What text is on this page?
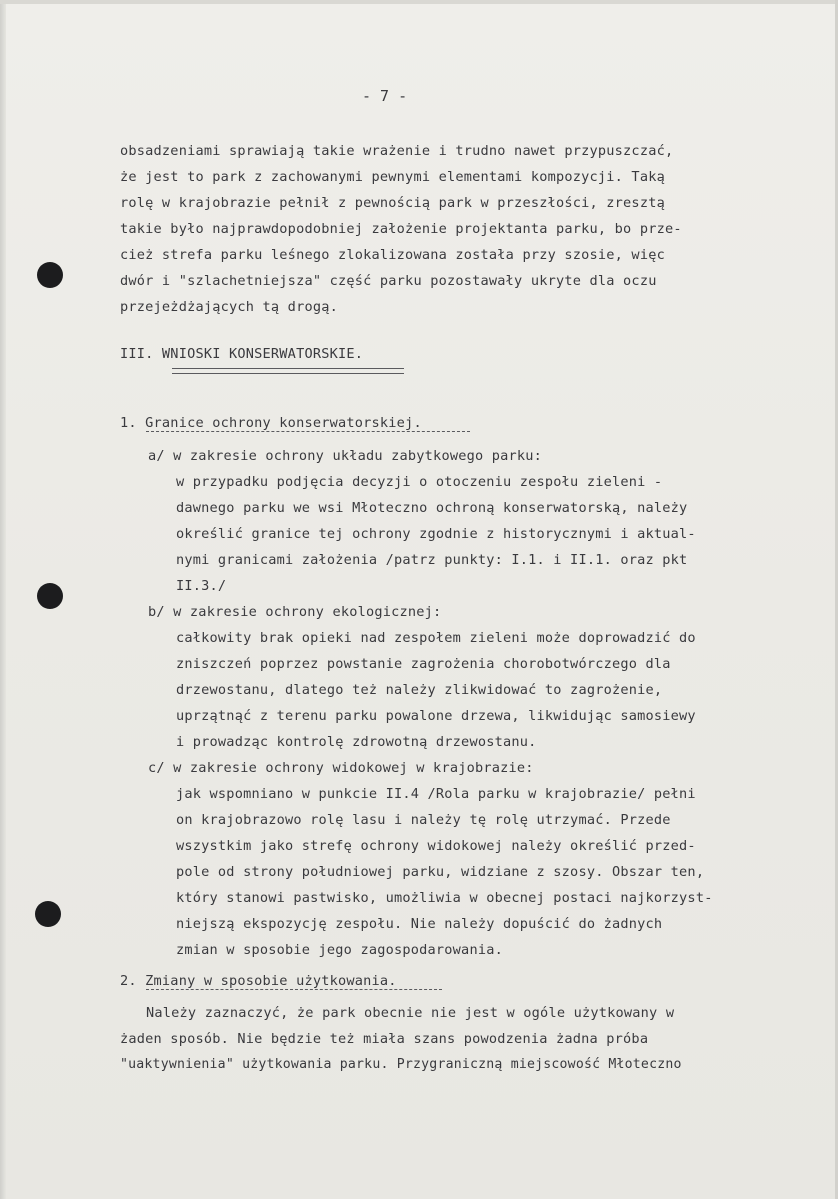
- 7 -
obsadzeniami sprawiają takie wrażenie i trudno nawet przypuszczać,
że jest to park z zachowanymi pewnymi elementami kompozycji. Taką
rolę w krajobrazie pełnił z pewnością park w przeszłości, zresztą
takie było najprawdopodobniej założenie projektanta parku, bo prze-
cież strefa parku leśnego zlokalizowana została przy szosie, więc
dwór i "szlachetniejsza" część parku pozostawały ukryte dla oczu
przejeżdżających tą drogą.
III. WNIOSKI KONSERWATORSKIE.
1. Granice ochrony konserwatorskiej.
a/ w zakresie ochrony układu zabytkowego parku:
w przypadku podjęcia decyzji o otoczeniu zespołu zieleni -
dawnego parku we wsi Młoteczno ochroną konserwatorską, należy
określić granice tej ochrony zgodnie z historycznymi i aktual-
nymi granicami założenia /patrz punkty: I.1. i II.1. oraz pkt
II.3./
b/ w zakresie ochrony ekologicznej:
całkowity brak opieki nad zespołem zieleni może doprowadzić do
zniszczeń poprzez powstanie zagrożenia chorobotwórczego dla
drzewostanu, dlatego też należy zlikwidować to zagrożenie,
uprzątnąć z terenu parku powalone drzewa, likwidując samosiewy
i prowadząc kontrolę zdrowotną drzewostanu.
c/ w zakresie ochrony widokowej w krajobrazie:
jak wspomniano w punkcie II.4 /Rola parku w krajobrazie/ pełni
on krajobrazowo rolę lasu i należy tę rolę utrzymać. Przede
wszystkim jako strefę ochrony widokowej należy określić przed-
pole od strony południowej parku, widziane z szosy. Obszar ten,
który stanowi pastwisko, umożliwia w obecnej postaci najkorzyst-
niejszą ekspozycję zespołu. Nie należy dopuścić do żadnych
zmian w sposobie jego zagospodarowania.
2. Zmiany w sposobie użytkowania.
Należy zaznaczyć, że park obecnie nie jest w ogóle użytkowany w
żaden sposób. Nie będzie też miała szans powodzenia żadna próba
"uaktywnienia" użytkowania parku. Przygraniczną miejscowość Młoteczno
